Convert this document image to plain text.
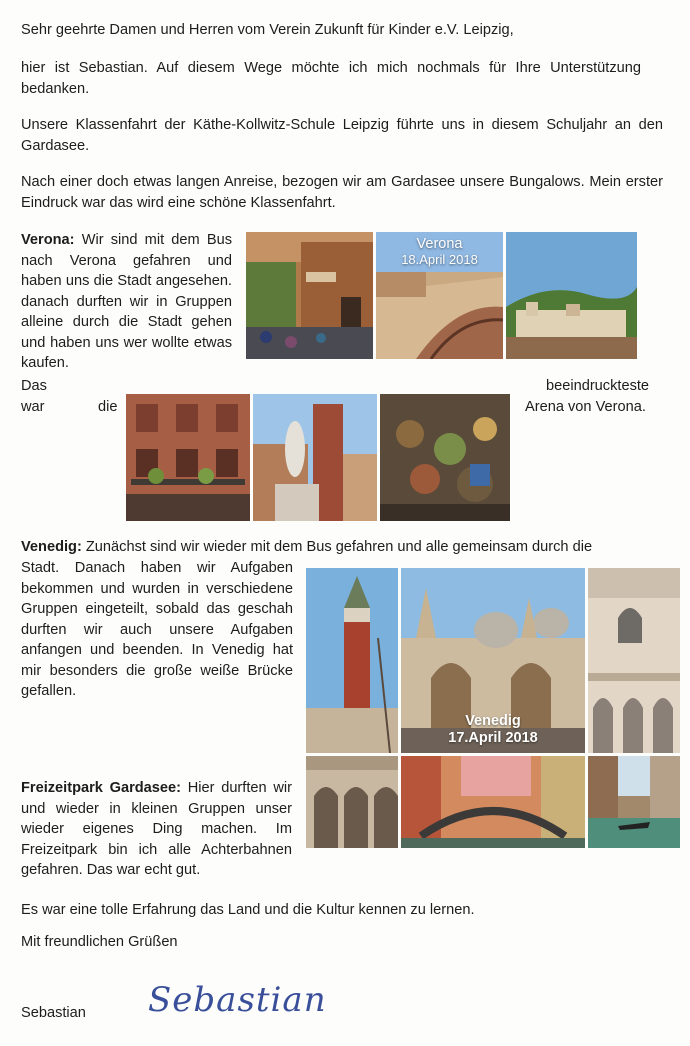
Sehr geehrte Damen und Herren vom Verein Zukunft für Kinder e.V. Leipzig,

hier ist Sebastian. Auf diesem Wege möchte ich mich nochmals für Ihre Unterstützung bedanken.

Unsere Klassenfahrt der Käthe-Kollwitz-Schule Leipzig führte uns in diesem Schuljahr an den Gardasee.

Nach einer doch etwas langen Anreise, bezogen wir am Gardasee unsere Bungalows. Mein erster Eindruck war das wird eine schöne Klassenfahrt.

Verona: Wir sind mit dem Bus nach Verona gefahren und haben uns die Stadt angesehen. danach durften wir in Gruppen alleine durch die Stadt gehen und haben uns wer wollte etwas kaufen.

Das	beeindruckteste
war	die	Arena von Verona.
Verona
18.April 2018

Venedig: Zunächst sind wir wieder mit dem Bus gefahren und alle gemeinsam durch die

Stadt. Danach haben wir Aufgaben bekommen und wurden in verschiedene Gruppen eingeteilt, sobald das geschah durften wir auch unsere Aufgaben anfangen und beenden. In Venedig hat mir besonders die große weiße Brücke gefallen.

Venedig
17.April 2018

Freizeitpark Gardasee: Hier durften wir und wieder in kleinen Gruppen unser wieder eigenes Ding machen. Im Freizeitpark bin ich alle Achterbahnen gefahren. Das war echt gut.

Es war eine tolle Erfahrung das Land und die Kultur kennen zu lernen.

Mit freundlichen Grüßen

Sebastian	Sebastian
